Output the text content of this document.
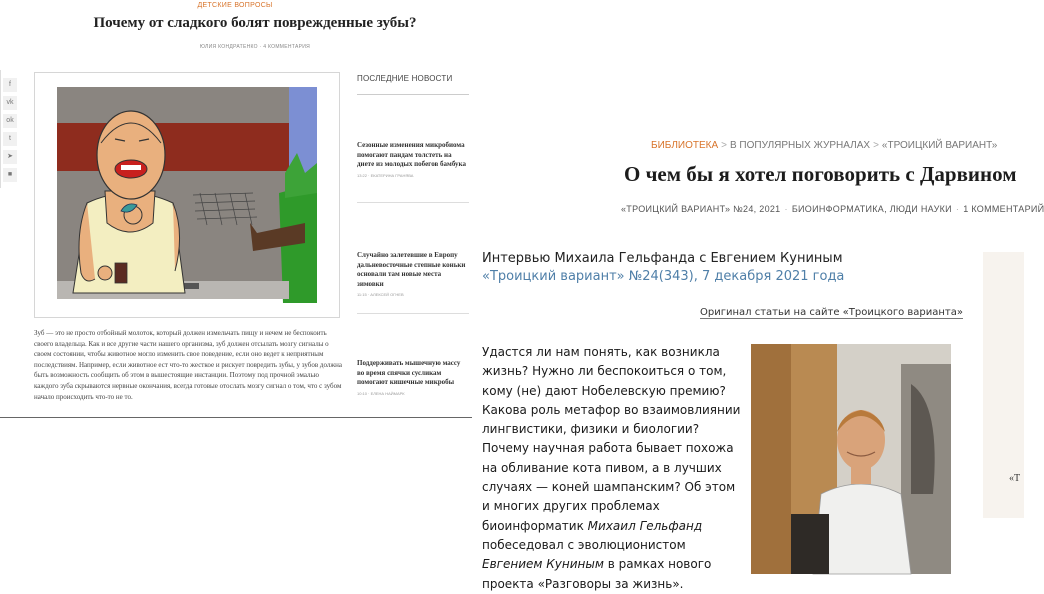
ДЕТСКИЕ ВОПРОСЫ
Почему от сладкого болят поврежденные зубы?
ЮЛИЯ КОНДРАТЕНКО · 4 КОММЕНТАРИЯ
f
vk
ok
t
➤
■
Зуб — это не просто отбойный молоток, который должен измельчать пищу и нечем не беспокоить своего владельца. Как и все другие части нашего организма, зуб должен отсылать мозгу сигналы о своем состоянии, чтобы животное могло изменить свое поведение, если оно ведет к неприятным последствиям. Например, если животное ест что-то жесткое и рискует повредить зубы, у зубов должна быть возможность сообщить об этом в вышестоящие инстанции. Поэтому под прочной эмалью каждого зуба скрываются нервные окончания, всегда готовые отослать мозгу сигнал о том, что с зубом начало происходить что-то не то.
ПОСЛЕДНИЕ НОВОСТИ
Сезонные изменения микробиома помогают пандам толстеть на диете из молодых побегов бамбука
13:22 · ЕКАТЕРИНА ГРАНЯВА
Случайно залетевшие в Европу дальневосточные степные коньки основали там новые места зимовки
11:15 · АЛЕКСЕЙ ОГНЕВ
Поддерживать мышечную массу во время спячки сусликам помогают кишечные микробы
10:10 · ЕЛЕНА НАЙМАРК
БИБЛИОТЕКА > В ПОПУЛЯРНЫХ ЖУРНАЛАХ > «ТРОИЦКИЙ ВАРИАНТ»
О чем бы я хотел поговорить с Дарвином
«ТРОИЦКИЙ ВАРИАНТ» №24, 2021 · БИОИНФОРМАТИКА, ЛЮДИ НАУКИ · 1 КОММЕНТАРИЙ
Интервью Михаила Гельфанда с Евгением Куниным
«Троицкий вариант» №24(343), 7 декабря 2021 года
Оригинал статьи на сайте «Троицкого варианта»
Удастся ли нам понять, как возникла жизнь? Нужно ли беспокоиться о том, кому (не) дают Нобелевскую премию? Какова роль метафор во взаимовлиянии лингвистики, физики и биологии? Почему научная работа бывает похожа на обливание кота пивом, а в лучших случаях — коней шампанским? Об этом и многих других проблемах биоинформатик Михаил Гельфанд побеседовал с эволюционистом Евгением Куниным в рамках нового проекта «Разговоры за жизнь».
«Т
